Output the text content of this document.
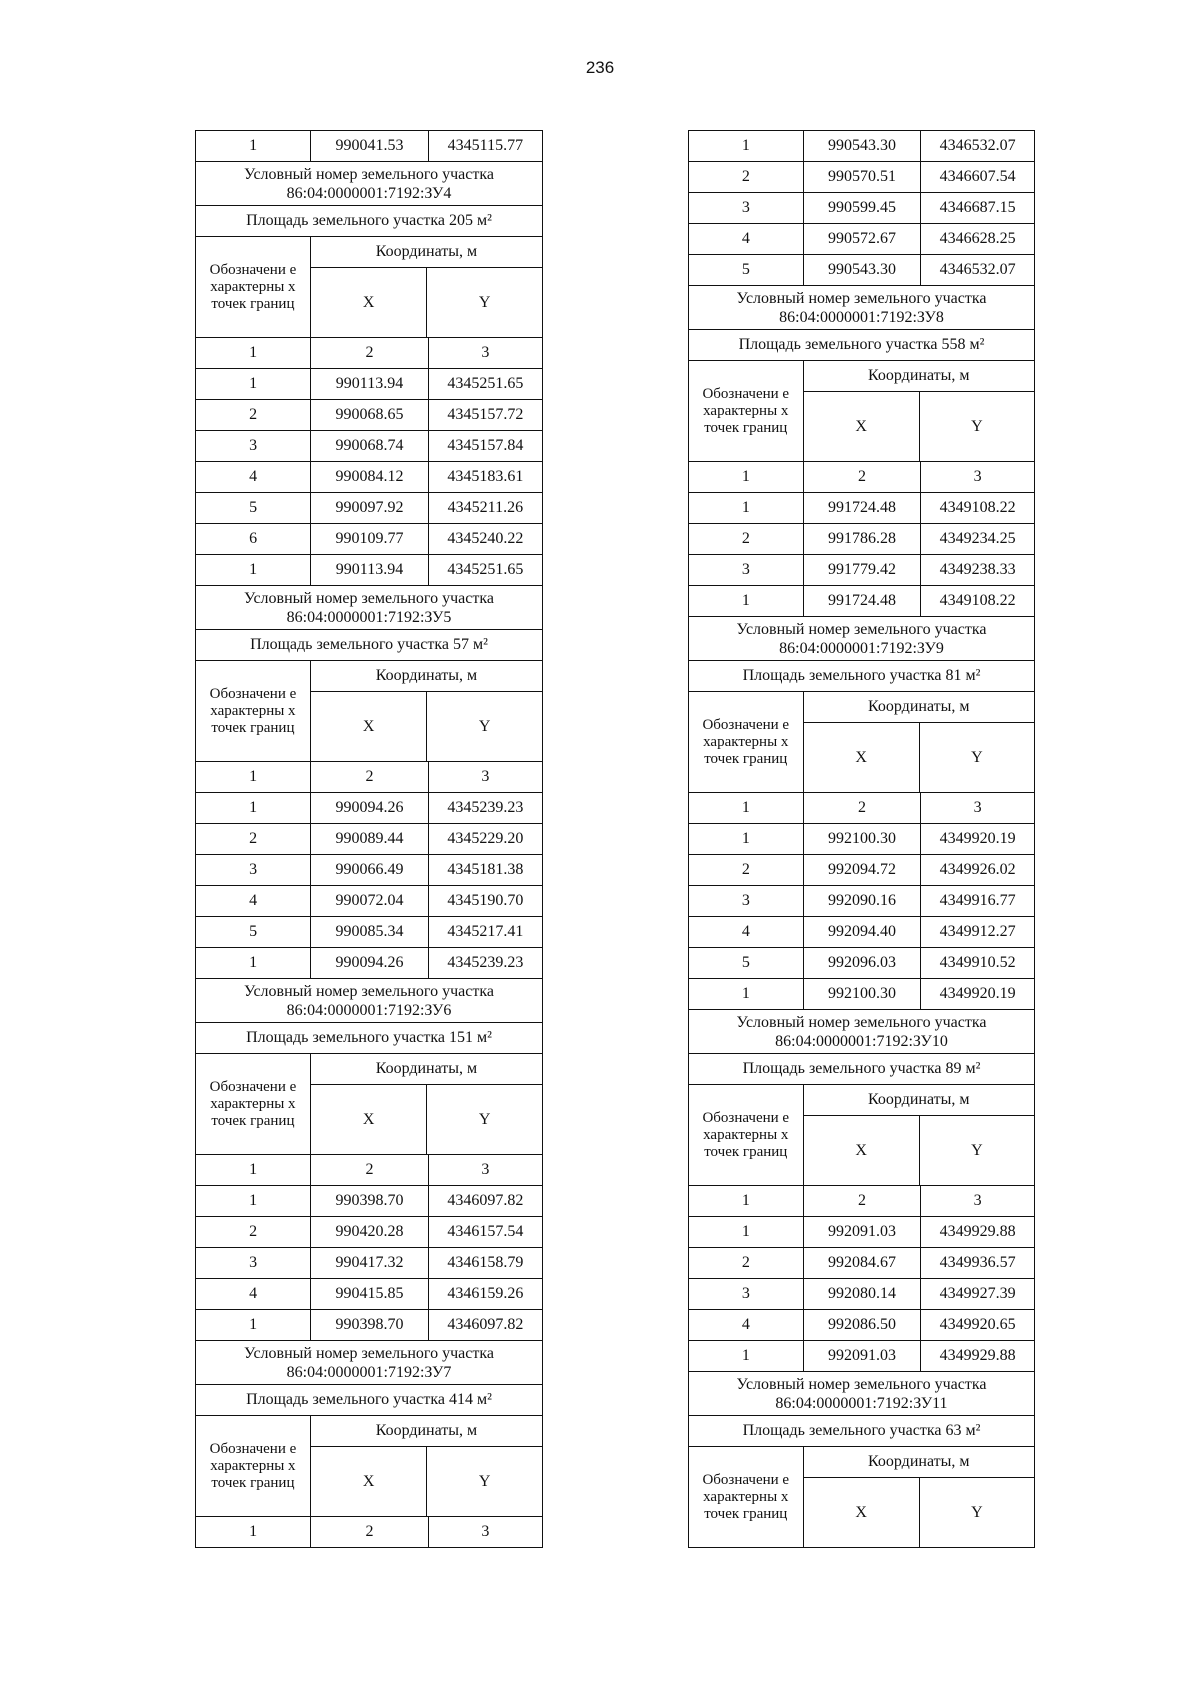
236
1	990041.53	4345115.77
Условный номер земельного участка
86:04:0000001:7192:ЗУ4
Площадь земельного участка 205 м²
Обозначени е характерны х точек границ
Координаты, м
X	Y
1	2	3
1	990113.94	4345251.65
2	990068.65	4345157.72
3	990068.74	4345157.84
4	990084.12	4345183.61
5	990097.92	4345211.26
6	990109.77	4345240.22
1	990113.94	4345251.65
Условный номер земельного участка
86:04:0000001:7192:ЗУ5
Площадь земельного участка 57 м²
Обозначени е характерны х точек границ
Координаты, м
X	Y
1	2	3
1	990094.26	4345239.23
2	990089.44	4345229.20
3	990066.49	4345181.38
4	990072.04	4345190.70
5	990085.34	4345217.41
1	990094.26	4345239.23
Условный номер земельного участка
86:04:0000001:7192:ЗУ6
Площадь земельного участка 151 м²
Обозначени е характерны х точек границ
Координаты, м
X	Y
1	2	3
1	990398.70	4346097.82
2	990420.28	4346157.54
3	990417.32	4346158.79
4	990415.85	4346159.26
1	990398.70	4346097.82
Условный номер земельного участка
86:04:0000001:7192:ЗУ7
Площадь земельного участка 414 м²
Обозначени е характерны х точек границ
Координаты, м
X	Y
1	2	3
1	990543.30	4346532.07
2	990570.51	4346607.54
3	990599.45	4346687.15
4	990572.67	4346628.25
5	990543.30	4346532.07
Условный номер земельного участка
86:04:0000001:7192:ЗУ8
Площадь земельного участка 558 м²
Обозначени е характерны х точек границ
Координаты, м
X	Y
1	2	3
1	991724.48	4349108.22
2	991786.28	4349234.25
3	991779.42	4349238.33
1	991724.48	4349108.22
Условный номер земельного участка
86:04:0000001:7192:ЗУ9
Площадь земельного участка 81 м²
Обозначени е характерны х точек границ
Координаты, м
X	Y
1	2	3
1	992100.30	4349920.19
2	992094.72	4349926.02
3	992090.16	4349916.77
4	992094.40	4349912.27
5	992096.03	4349910.52
1	992100.30	4349920.19
Условный номер земельного участка
86:04:0000001:7192:ЗУ10
Площадь земельного участка 89 м²
Обозначени е характерны х точек границ
Координаты, м
X	Y
1	2	3
1	992091.03	4349929.88
2	992084.67	4349936.57
3	992080.14	4349927.39
4	992086.50	4349920.65
1	992091.03	4349929.88
Условный номер земельного участка
86:04:0000001:7192:ЗУ11
Площадь земельного участка 63 м²
Обозначени е характерны х точек границ
Координаты, м
X	Y
